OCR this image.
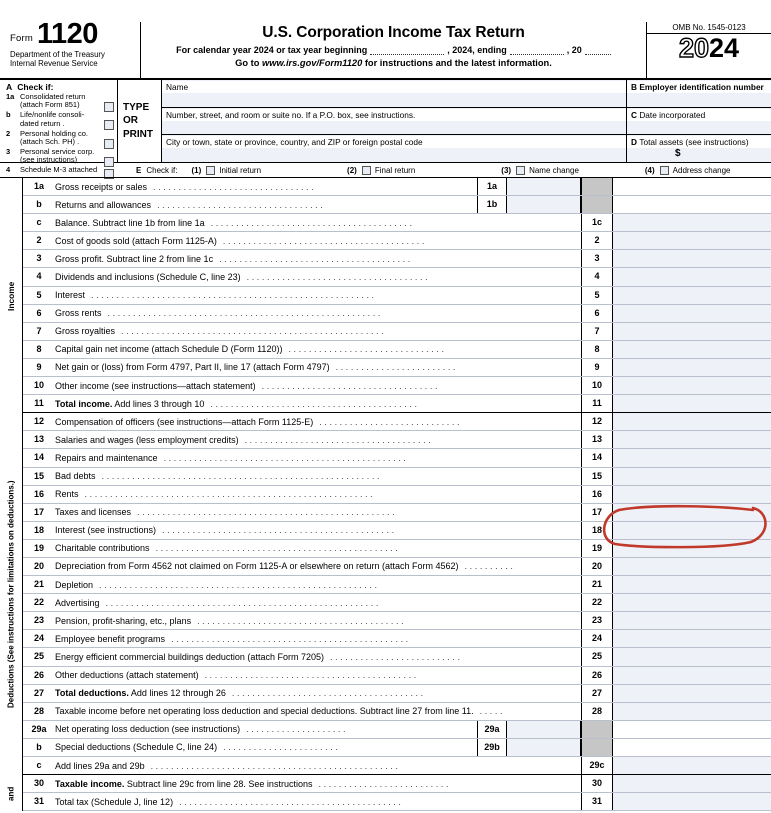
Form 1120
Department of the Treasury
Internal Revenue Service
U.S. Corporation Income Tax Return
For calendar year 2024 or tax year beginning	, 2024, ending	, 20
Go to www.irs.gov/Form1120 for instructions and the latest information.
OMB No. 1545-0123
2024
A Check if:
1a Consolidated return
(attach Form 851)
b	Life/nonlife consoli-
dated return .
2	Personal holding co.
(attach Sch. PH) .
3	Personal service corp.
(see instructions)
4	Schedule M-3 attached
TYPE
OR
PRINT
Name
Number, street, and room or suite no. If a P.O. box, see instructions.
City or town, state or province, country, and ZIP or foreign postal code
B Employer identification number
C Date incorporated
D Total assets (see instructions)
$
E Check if: (1) Initial return	(2) Final return	(3) Name change	(4) Address change
Income
1a	Gross receipts or sales ................................	1a
b	Returns and allowances .................................	1b
c	Balance. Subtract line 1b from line 1a ........................................	1c
2	Cost of goods sold (attach Form 1125-A) ........................................	2
3	Gross profit. Subtract line 2 from line 1c ......................................	3
4	Dividends and inclusions (Schedule C, line 23) ....................................	4
5	Interest ........................................................	5
6	Gross rents ......................................................	6
7	Gross royalties ....................................................	7
8	Capital gain net income (attach Schedule D (Form 1120)) ...............................	8
9	Net gain or (loss) from Form 4797, Part II, line 17 (attach Form 4797) ........................	9
10	Other income (see instructions—attach statement) ...................................	10
11	Total income. Add lines 3 through 10 .........................................	11
Deductions (See instructions for limitations on deductions.)
12	Compensation of officers (see instructions—attach Form 1125-E) ............................	12
13	Salaries and wages (less employment credits) .....................................	13
14	Repairs and maintenance ................................................	14
15	Bad debts .......................................................	15
16	Rents .........................................................	16
17	Taxes and licenses ...................................................	17
18	Interest (see instructions) ..............................................	18
19	Charitable contributions ................................................	19
20	Depreciation from Form 4562 not claimed on Form 1125-A or elsewhere on return (attach Form 4562) ..........	20
21	Depletion .......................................................	21
22	Advertising ......................................................	22
23	Pension, profit-sharing, etc., plans .........................................	23
24	Employee benefit programs ...............................................	24
25	Energy efficient commercial buildings deduction (attach Form 7205) ..........................	25
26	Other deductions (attach statement) ..........................................	26
27	Total deductions. Add lines 12 through 26 ......................................	27
28	Taxable income before net operating loss deduction and special deductions. Subtract line 27 from line 11. .....	28
29a Net operating loss deduction (see instructions) ....................	29a
b	Special deductions (Schedule C, line 24) .......................	29b
c	Add lines 29a and 29b .................................................	29c
and
30	Taxable income. Subtract line 29c from line 28. See instructions ..........................	30
31	Total tax (Schedule J, line 12) ............................................	31
